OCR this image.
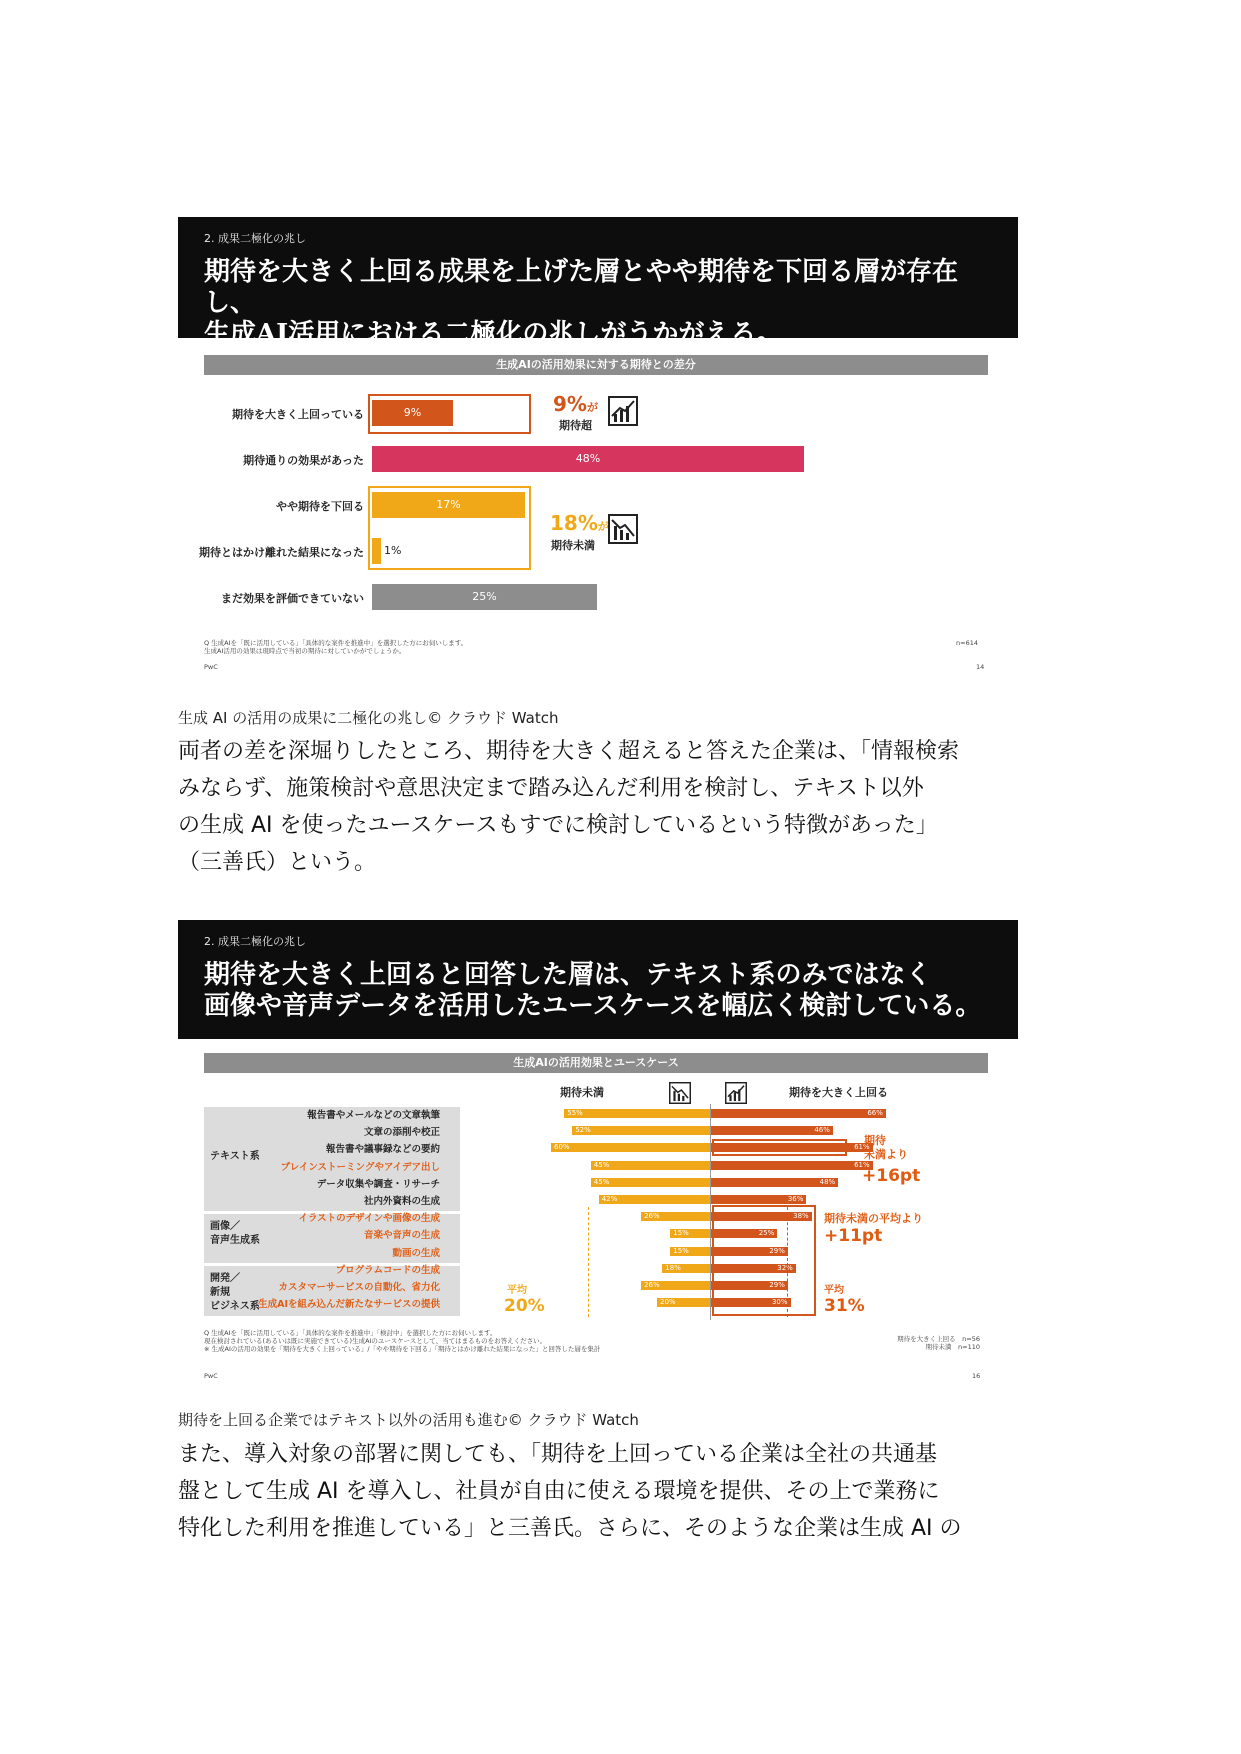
2. 成果二極化の兆し
期待を大きく上回る成果を上げた層とやや期待を下回る層が存在し、
生成AI活用における二極化の兆しがうかがえる。
生成AIの活用効果に対する期待との差分
期待を大きく上回っている
期待通りの効果があった
やや期待を下回る
期待とはかけ離れた結果になった
まだ効果を評価できていない
9%
48%
17%
1%
25%
9%が
期待超
18%が
期待未満
Q 生成AIを「既に活用している」「具体的な案件を推進中」を選択した方にお伺いします。
生成AI活用の効果は現時点で当初の期待に対していかがでしょうか。
n=614
PwC	14
生成 AI の活用の成果に二極化の兆し© クラウド Watch
両者の差を深堀りしたところ、期待を大きく超えると答えた企業は、「情報検索
みならず、施策検討や意思決定まで踏み込んだ利用を検討し、テキスト以外
の生成 AI を使ったユースケースもすでに検討しているという特徴があった」
（三善氏）という。
2. 成果二極化の兆し
期待を大きく上回ると回答した層は、テキスト系のみではなく
画像や音声データを活用したユースケースを幅広く検討している。
生成AIの活用効果とユースケース
期待未満	期待を大きく上回る
テキスト系
画像／
音声生成系
開発／
新規
ビジネス系
報告書やメールなどの文章執筆	55%	66%
文章の添削や校正	52%	46%
報告書や議事録などの要約	60%	61%
ブレインストーミングやアイデア出し	45%	61%
データ収集や調査・リサーチ	45%	48%
社内外資料の生成	42%	36%
イラストのデザインや画像の生成	26%	38%
音楽や音声の生成	15%	25%
動画の生成	15%	29%
プログラムコードの生成	18%	32%
カスタマーサービスの自動化、省力化	26%	29%
生成AIを組み込んだ新たなサービスの提供	20%	30%
期待
未満より
+16pt
期待未満の平均より
+11pt
平均
20%
平均
31%
Q 生成AIを「既に活用している」「具体的な案件を推進中」「検討中」を選択した方にお伺いします。
現在検討されている(あるいは既に実施できている)生成AIのユースケースとして、当てはまるものをお答えください。
※ 生成AIの活用の効果を「期待を大きく上回っている」/「やや期待を下回る」「期待とはかけ離れた結果になった」と回答した層を集計
期待を大きく上回る　n=56
期待未満　n=110
PwC	16
期待を上回る企業ではテキスト以外の活用も進む© クラウド Watch
また、導入対象の部署に関しても、「期待を上回っている企業は全社の共通基
盤として生成 AI を導入し、社員が自由に使える環境を提供、その上で業務に
特化した利用を推進している」と三善氏。さらに、そのような企業は生成 AI の
